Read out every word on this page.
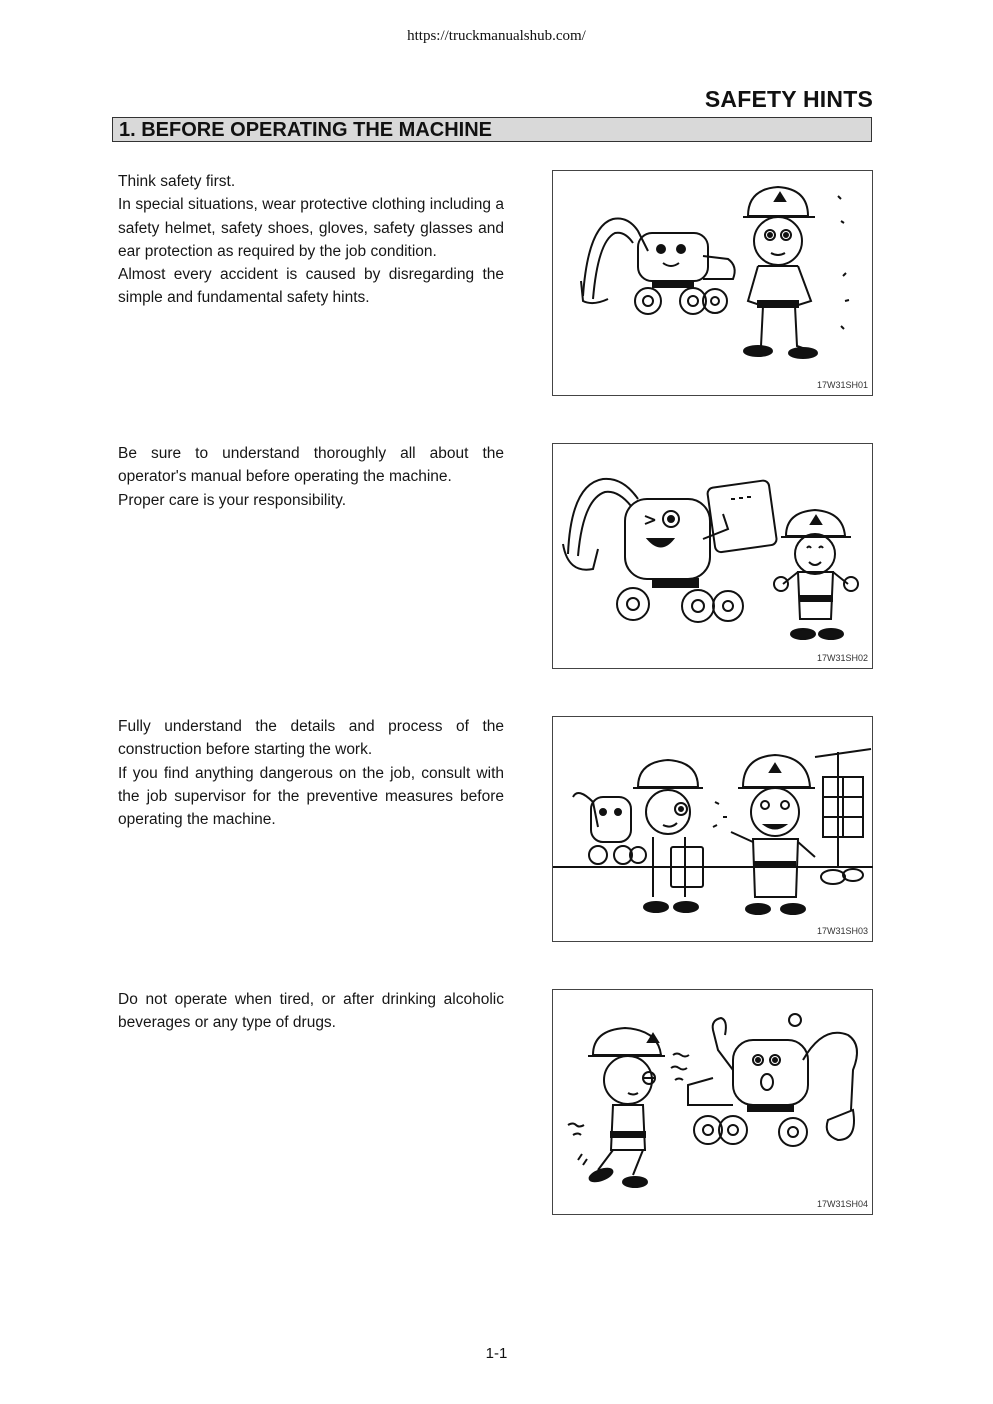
https://truckmanualshub.com/
SAFETY HINTS
1. BEFORE OPERATING THE MACHINE

Think safety first.

In special situations, wear protective clothing including a safety helmet, safety shoes, gloves, safety glasses and ear protection as required by the job condition.

Almost every accident is caused by disregarding the simple and fundamental safety hints.

17W31SH01

Be sure to understand thoroughly all about the operator's manual before operating the machine.

Proper care is your responsibility.

17W31SH02

Fully understand the details and process of the construction before starting the work.

If you find anything dangerous on the job, consult with the job supervisor for the preventive measures before operating the machine.

17W31SH03

Do not operate when tired, or after drinking alcoholic beverages or any type of drugs.

17W31SH04
1-1
